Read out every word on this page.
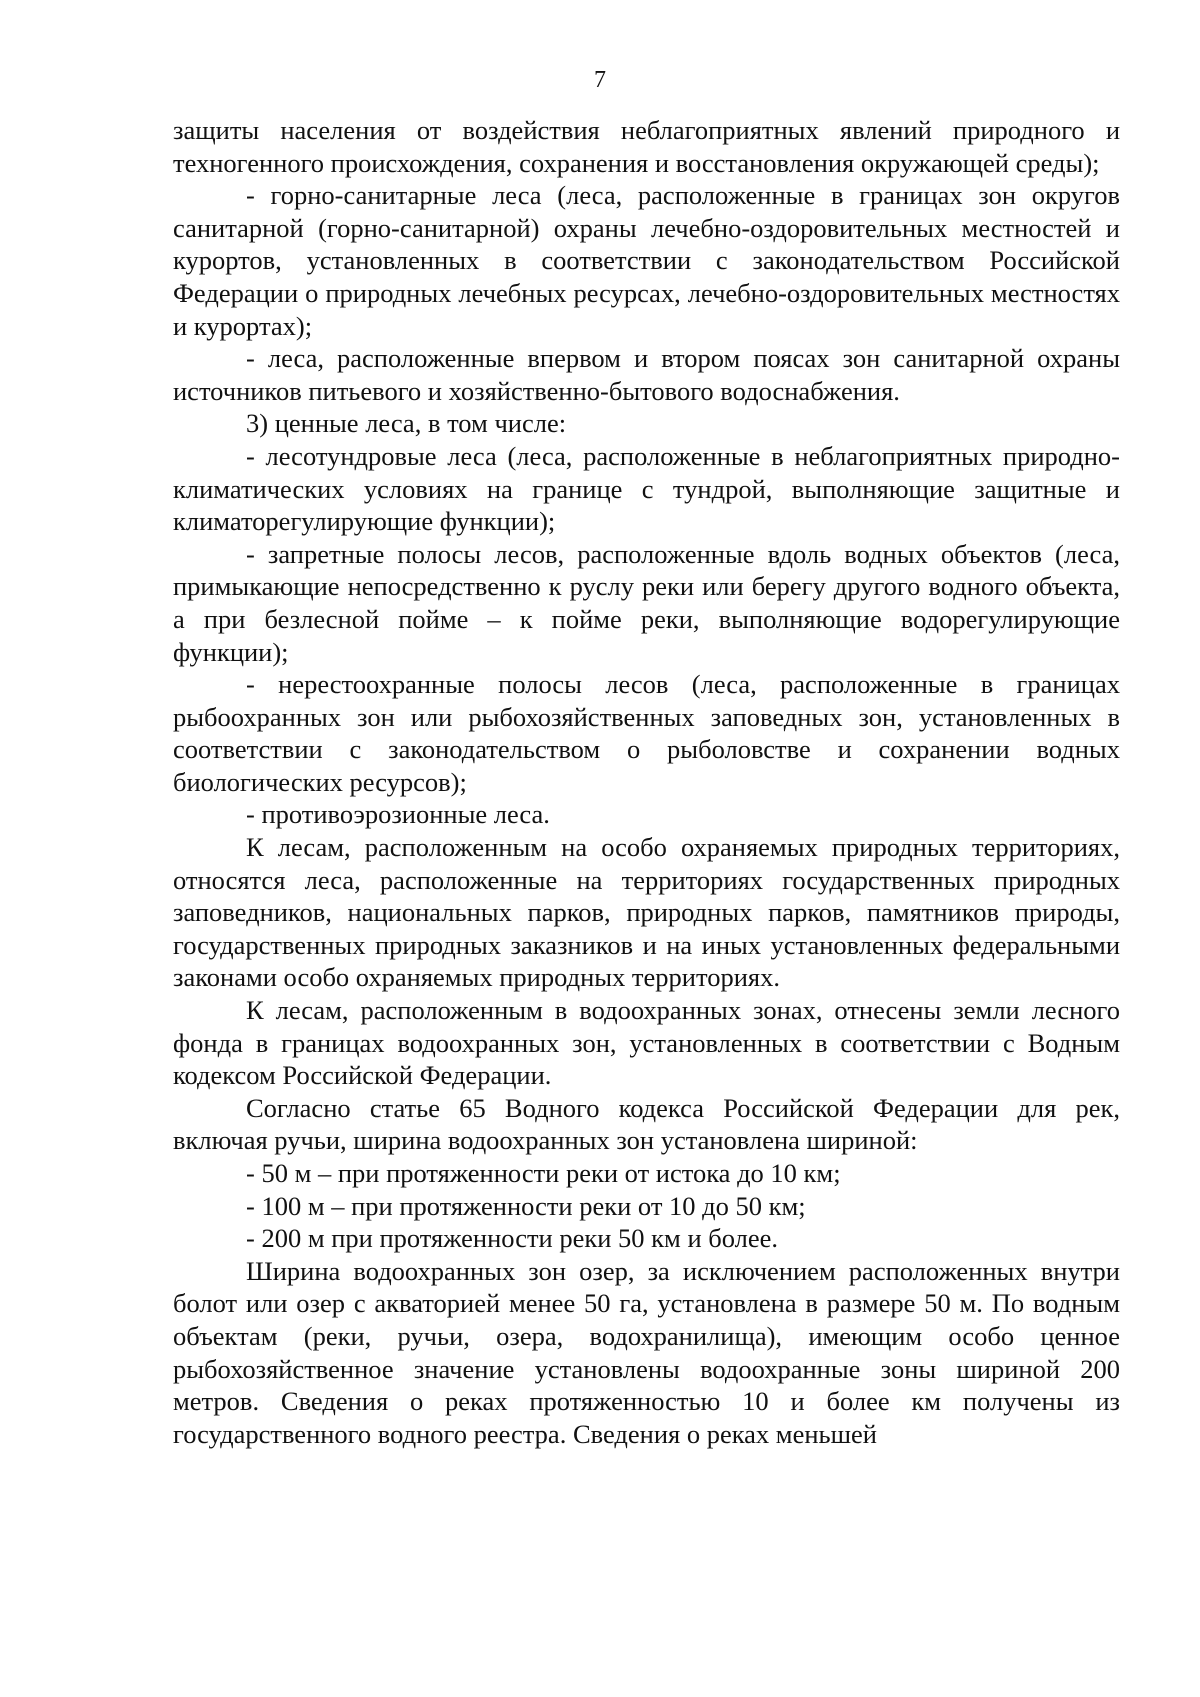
7

защиты населения от воздействия неблагоприятных явлений природного и техногенного происхождения, сохранения и восстановления окружающей среды);

- горно-санитарные леса (леса, расположенные в границах зон округов санитарной (горно-санитарной) охраны лечебно-оздоровительных местностей и курортов, установленных в соответствии с законодательством Российской Федерации о природных лечебных ресурсах, лечебно-оздоровительных местностях и курортах);

- леса, расположенные впервом и втором поясах зон санитарной охраны источников питьевого и хозяйственно-бытового водоснабжения.

3) ценные леса, в том числе:

- лесотундровые леса (леса, расположенные в неблагоприятных природно-климатических условиях на границе с тундрой, выполняющие защитные и климаторегулирующие функции);

- запретные полосы лесов, расположенные вдоль водных объектов (леса, примыкающие непосредственно к руслу реки или берегу другого водного объекта, а при безлесной пойме – к пойме реки, выполняющие водорегулирующие функции);

- нерестоохранные полосы лесов (леса, расположенные в границах рыбоохранных зон или рыбохозяйственных заповедных зон, установленных в соответствии с законодательством о рыболовстве и сохранении водных биологических ресурсов);

- противоэрозионные леса.

К лесам, расположенным на особо охраняемых природных территориях, относятся леса, расположенные на территориях государственных природных заповедников, национальных парков, природных парков, памятников природы, государственных природных заказников и на иных установленных федеральными законами особо охраняемых природных территориях.

К лесам, расположенным в водоохранных зонах, отнесены земли лесного фонда в границах водоохранных зон, установленных в соответствии с Водным кодексом Российской Федерации.

Согласно статье 65 Водного кодекса Российской Федерации для рек, включая ручьи, ширина водоохранных зон установлена шириной:

- 50 м – при протяженности реки от истока до 10 км;

- 100 м – при протяженности реки от 10 до 50 км;

- 200 м при протяженности реки 50 км и более.

Ширина водоохранных зон озер, за исключением расположенных внутри болот или озер с акваторией менее 50 га, установлена в размере 50 м. По водным объектам (реки, ручьи, озера, водохранилища), имеющим особо ценное рыбохозяйственное значение установлены водоохранные зоны шириной 200 метров. Сведения о реках протяженностью 10 и более км получены из государственного водного реестра. Сведения о реках меньшей
